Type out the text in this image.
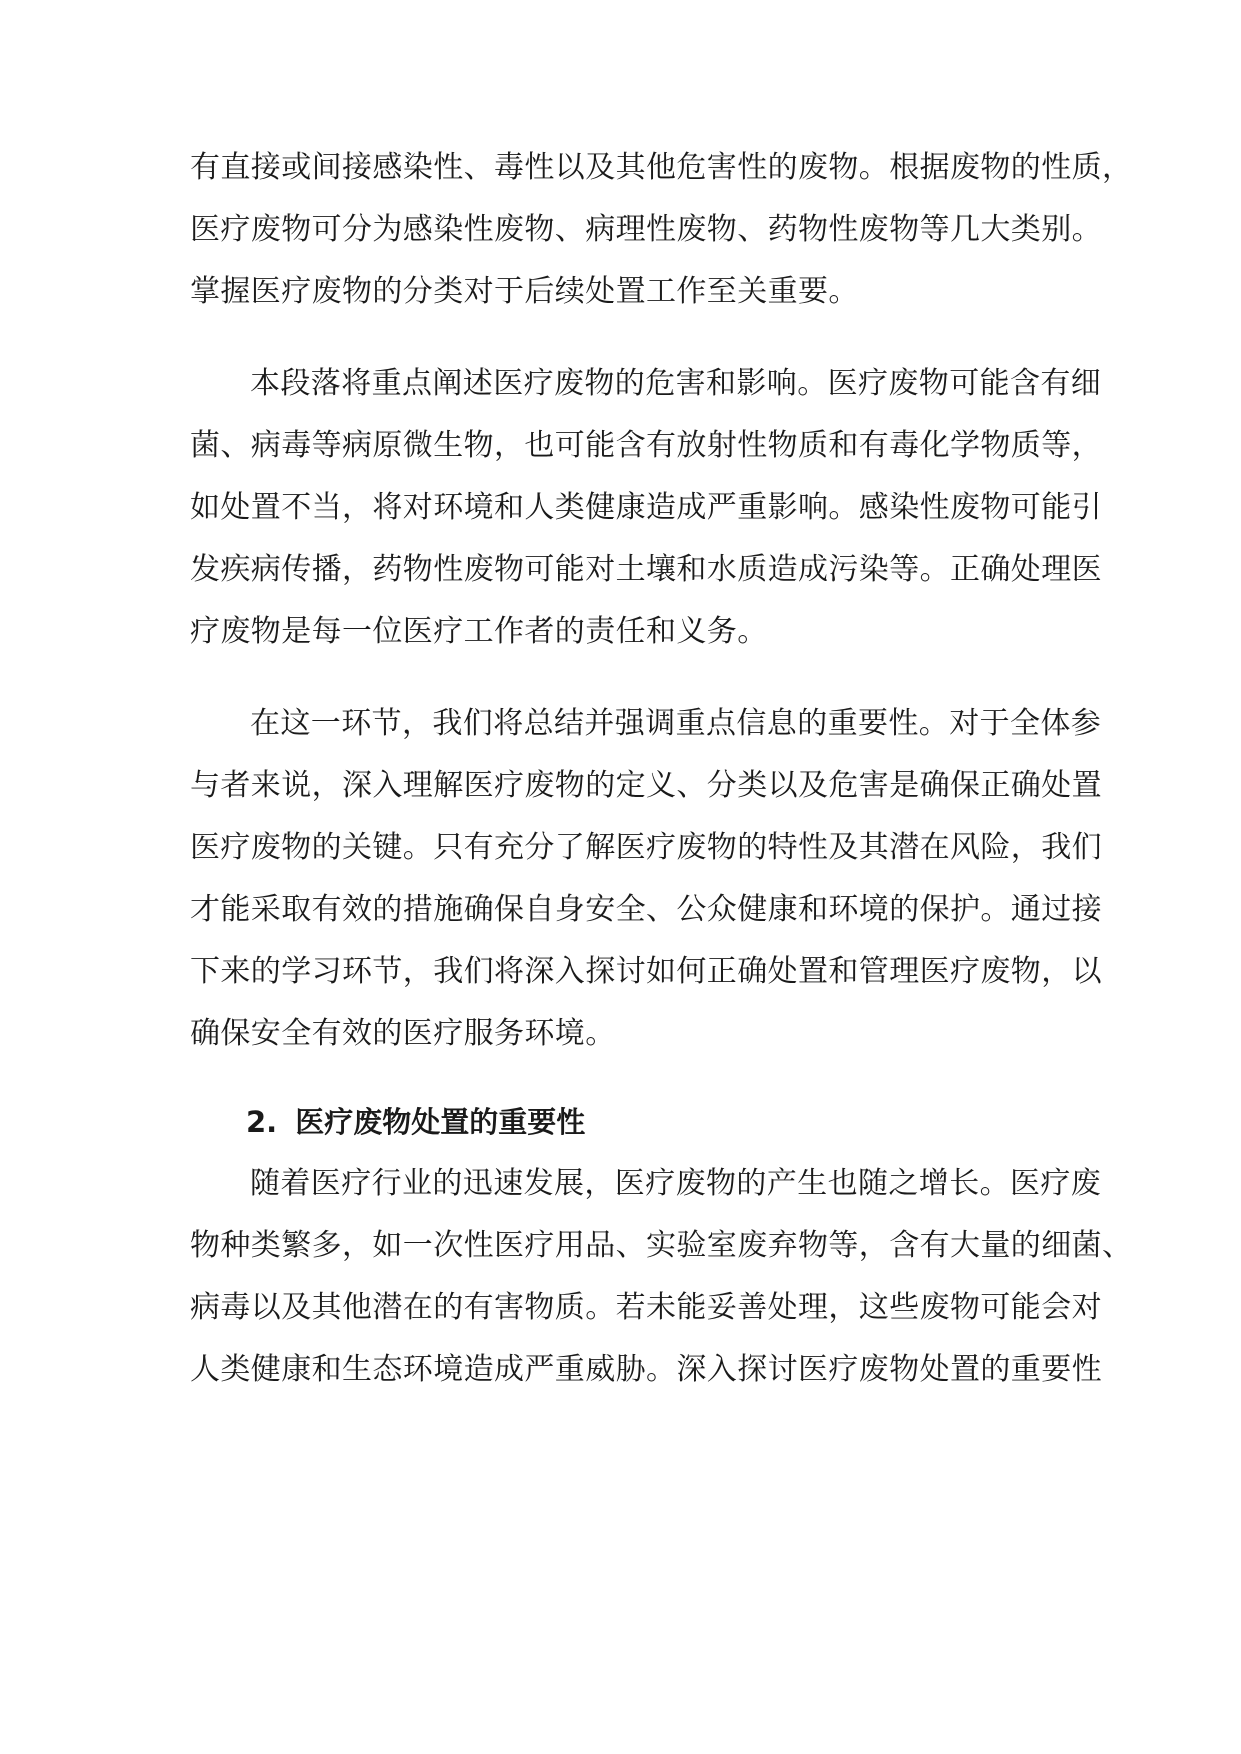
有直接或间接感染性、毒性以及其他危害性的废物。根据废物的性质，

医疗废物可分为感染性废物、病理性废物、药物性废物等几大类别。

掌握医疗废物的分类对于后续处置工作至关重要。

本段落将重点阐述医疗废物的危害和影响。医疗废物可能含有细

菌、病毒等病原微生物，也可能含有放射性物质和有毒化学物质等，

如处置不当，将对环境和人类健康造成严重影响。感染性废物可能引

发疾病传播，药物性废物可能对土壤和水质造成污染等。正确处理医

疗废物是每一位医疗工作者的责任和义务。

在这一环节，我们将总结并强调重点信息的重要性。对于全体参

与者来说，深入理解医疗废物的定义、分类以及危害是确保正确处置

医疗废物的关键。只有充分了解医疗废物的特性及其潜在风险，我们

才能采取有效的措施确保自身安全、公众健康和环境的保护。通过接

下来的学习环节，我们将深入探讨如何正确处置和管理医疗废物，以

确保安全有效的医疗服务环境。

2. 医疗废物处置的重要性

随着医疗行业的迅速发展，医疗废物的产生也随之增长。医疗废

物种类繁多，如一次性医疗用品、实验室废弃物等，含有大量的细菌、

病毒以及其他潜在的有害物质。若未能妥善处理，这些废物可能会对

人类健康和生态环境造成严重威胁。深入探讨医疗废物处置的重要性
